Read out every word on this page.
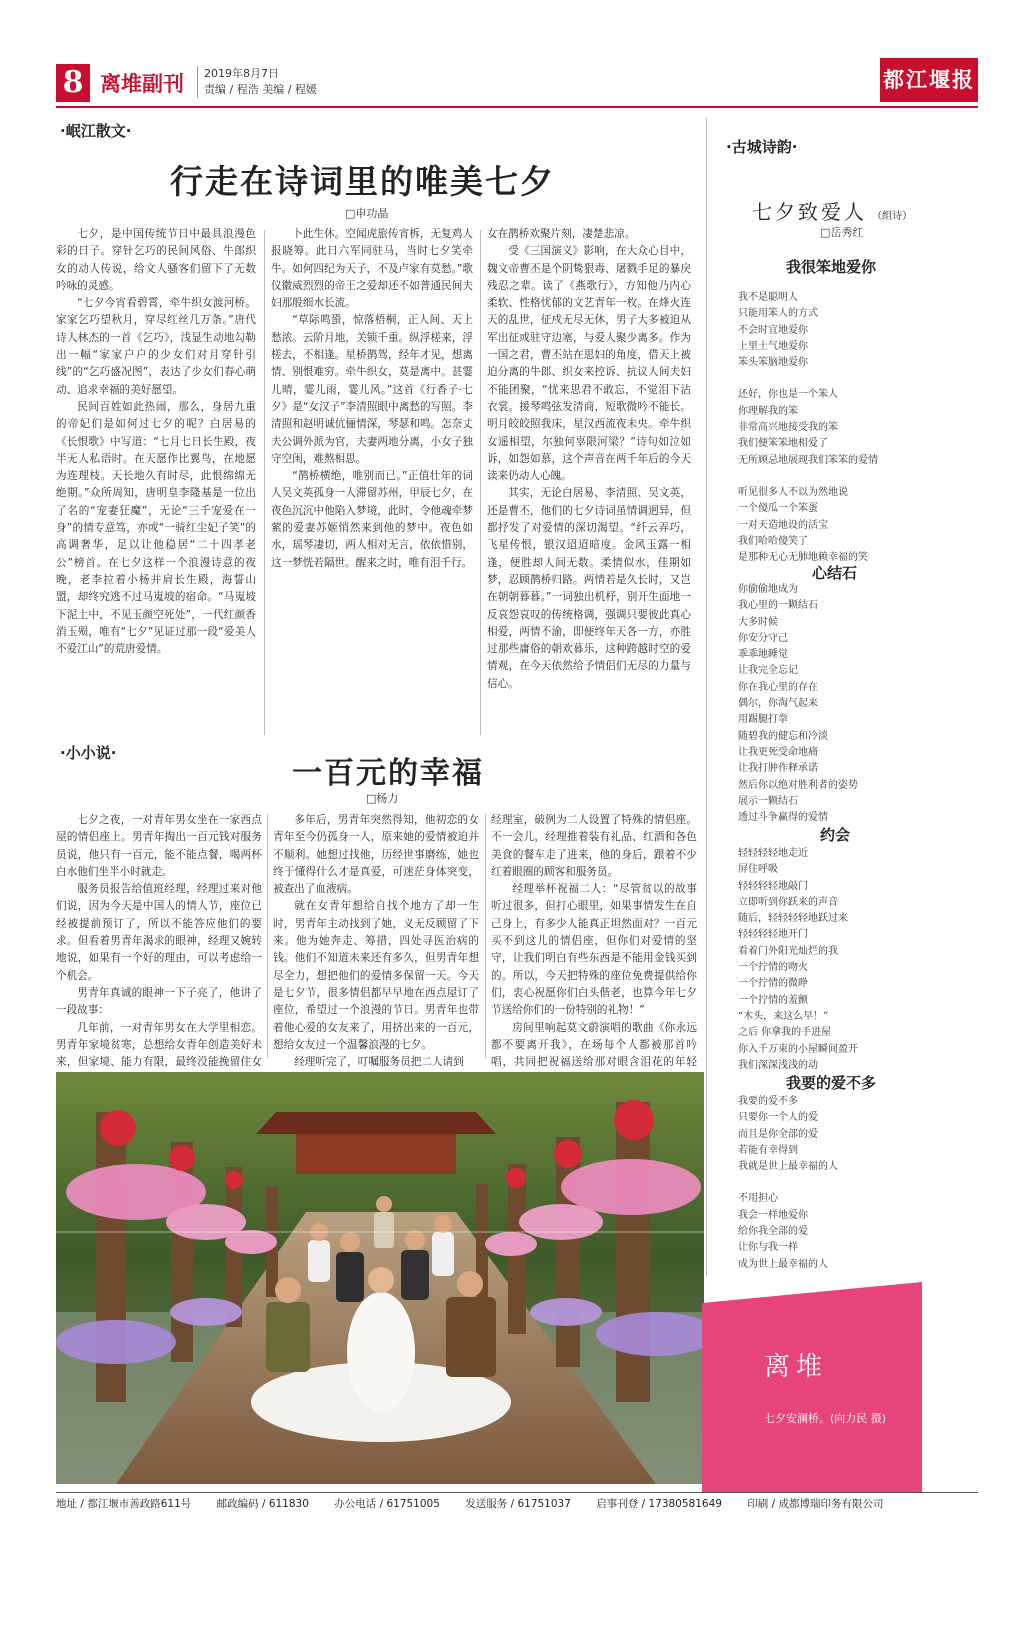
8 离堆副刊 2019年8月7日
责编 / 程浩 美编 / 程媛	都江堰报
·岷江散文·
行走在诗词里的唯美七夕
□申功晶

七夕，是中国传统节日中最具浪漫色彩的日子。穿针乞巧的民间风俗、牛郎织女的动人传说，给文人骚客们留下了无数吟咏的灵感。

“七夕今宵看碧霄，牵牛织女渡河桥。家家乞巧望秋月，穿尽红丝几万条。”唐代诗人林杰的一首《乞巧》，浅显生动地勾勒出一幅“家家户户的少女们对月穿针引线”的“乞巧盛况图”，表达了少女们春心萌动、追求幸福的美好愿望。

民间百姓如此热闹，那么，身居九重的帝妃们是如何过七夕的呢？白居易的《长恨歌》中写道：“七月七日长生殿，夜半无人私语时。在天愿作比翼鸟，在地愿为连理枝。天长地久有时尽，此恨绵绵无绝期。”众所周知，唐明皇李隆基是一位出了名的“宠妻狂魔”，无论“三千宠爱在一身”的情专意笃，亦或“一骑红尘妃子笑”的高调奢华，足以让他稳居“二十四孝老公”榜首。在七夕这样一个浪漫诗意的夜晚，老李拉着小杨并肩长生殿，海誓山盟，却终究逃不过马嵬坡的宿命。“马嵬坡下泥土中，不见玉颜空死处”，一代红颜香消玉殒，唯有“七夕”见证过那一段“爱美人不爱江山”的荒唐爱情。

卜此生休。空闻虎旅传宵柝，无复鸡人报晓筹。此日六军同驻马，当时七夕笑牵牛。如何四纪为天子，不及卢家有莫愁。”歌仪徽威烈烈的帝王之爱却还不如普通民间夫妇那般细水长流。

“草际鸣蛩，惊落梧桐，正人间、天上愁浓。云阶月地，关锁千重。纵浮槎来，浮槎去，不相逢。星桥鹊驾，经年才见，想离情、别恨难穷。牵牛织女，莫是离中。甚霎儿晴，霎儿雨，霎儿风。”这首《行香子·七夕》是“女汉子”李清照眼中离愁的写照。李清照和赵明诚伉俪情深，琴瑟和鸣。怎奈丈夫公调外派为官，夫妻两地分离，小女子独守空闺，难熬相思。

“鹊桥横绝，唯别而已。”正值壮年的词人吴文英孤身一人滞留苏州，甲辰七夕，在夜色沉沉中他陷入梦境，此时，令他魂牵梦萦的爱妻苏姬悄然来到他的梦中。夜色如水，瑶琴凄切，两人相对无言，依依惜别，这一梦恍若隔世。醒来之时，唯有泪千行。

女在鹊桥欢聚片刻，凄楚悲凉。

受《三国演义》影响，在大众心目中，魏文帝曹丕是个阴鸷狠毒、屠戮手足的暴戾残忍之辈。读了《燕歌行》，方知他乃内心柔软、性格忧郁的文艺青年一枚。在烽火连天的乱世，征戍无尽无休，男子大多被迫从军出征或驻守边塞，与爱人聚少离多。作为一国之君，曹丕站在思妇的角度，借天上被迫分离的牛郎、织女来控诉、抗议人间夫妇不能团聚，“忧来思君不敢忘，不觉泪下沾衣裳。援琴鸣弦发清商，短歌微吟不能长。明月皎皎照我床，星汉西流夜未央。牵牛织女遥相望，尔独何辜限河梁？”诗句如泣如诉，如怨如慕，这个声音在两千年后的今天读来仍动人心魄。

其实，无论白居易、李清照、吴文英，还是曹丕，他们的七夕诗词虽情调迥异，但都抒发了对爱情的深切渴望。“纤云弄巧，飞星传恨，银汉迢迢暗度。金风玉露一相逢，便胜却人间无数。柔情似水，佳期如梦，忍顾鹊桥归路。两情若是久长时，又岂在朝朝暮暮。”一词独出机杼，别开生面地一反哀怨哀叹的传统格调，强调只要彼此真心相爱，两情不渝，即便终年天各一方，亦胜过那些庸俗的朝欢暮乐，这种跨越时空的爱情观，在今天依然给予情侣们无尽的力量与信心。

·小小说·
一百元的幸福
□杨力

七夕之夜，一对青年男女坐在一家西点屋的情侣座上。男青年掏出一百元钱对服务员说，他只有一百元，能不能点餐，喝两杯白水他们坐半小时就走。

服务员报告给值班经理，经理过来对他们说，因为今天是中国人的情人节，座位已经被提前预订了，所以不能答应他们的要求。但看着男青年渴求的眼神，经理又婉转地说，如果有一个好的理由，可以考虑给一个机会。

男青年真诚的眼神一下子亮了，他讲了一段故事：

几年前，一对青年男女在大学里相恋。男青年家境贫寒，总想给女青年创造美好未来，但家境、能力有限，最终没能挽留住女

多年后，男青年突然得知，他初恋的女青年至今仍孤身一人，原来她的爱情被迫并不顺利。她想过找他，历经世事磨练，她也终于懂得什么才是真爱，可迷茫身体突变，被查出了血液病。

就在女青年想给自找个地方了却一生时，男青年主动找到了她，义无反顾留了下来。他为她奔走、筹措，四处寻医治病的钱。他们不知道未来还有多久，但男青年想尽全力，想把他们的爱情多保留一天。今天是七夕节，很多情侣都早早地在西点屋订了座位，希望过一个浪漫的节日。男青年也带着他心爱的女友来了，用挤出来的一百元，想给女友过一个温馨浪漫的七夕。

经理听完了，叮嘱服务员把二人请到

经理室，破例为二人设置了特殊的情侣座。不一会儿，经理推着装有礼品、红酒和各色美食的餐车走了进来，他的身后，跟着不少红着眼圈的顾客和服务员。

经理举杯祝福二人：“尽管贫以的故事听过很多，但打心眼里，如果事情发生在自己身上，有多少人能真正坦然面对？一百元买不到这儿的情侣座，但你们对爱情的坚守，让我们明白有些东西是不能用金钱买到的。所以，今天把特殊的座位免费提供给你们，衷心祝愿你们白头偕老，也算今年七夕节送给你们的一份特别的礼物！”

房间里响起莫文蔚演唱的歌曲《你永远都不要离开我》，在场每个人都被那首吟唱，共同把祝福送给那对眼含泪花的年轻

·古城诗韵·
七夕致爱人 （组诗）
□岳秀红
我很笨地爱你
我不是聪明人
只能用笨人的方式
不会时宜地爱你
上里土气地爱你
笨头笨脑地爱你
还好，你也是一个笨人
你理解我的笨
非常高兴地接受我的笨
我们便笨笨地相爱了
无所顾忌地展现我们笨笨的爱情
听见很多人不以为然地说
一个傻瓜一个笨蛋
一对天造地设的活宝
我们哈哈傻笑了
是那种无心无肺地赖幸福的笑
心结石
你偷偷地成为
我心里的一颗结石
大多时候
你安分守己
乖乖地睡觉
让我完全忘记
你在我心里的存在
偶尔，你淘气起来
用踢腿打拳
随碧我的健忘和冷淡
让我更死受命地痛
让我打肿作释承诺
然后你以绝对胜利者的姿势
展示一颗结石
透过斗争赢得的爱情
约会
轻轻轻轻地走近
屏住呼吸
轻轻轻轻地敲门
立即听到你跃来的声音
随后，轻轻轻轻地跃过来
轻轻轻轻地开门
看着门外阳光灿烂的我
一个拧情的吻火
一个拧情的微睁
一个拧情的羞颤
“木头，来这么早！”
之后 你拿我的手进屋
你入千万束的小屋瞬间盈开
我们深深浅浅的动
我要的爱不多
我要的爱不多
只要你一个人的爱
而且是你全部的爱
若能有幸得到
我就是世上最幸福的人
不用担心
我会一样地爱你
给你我全部的爱
让你与我一样
成为世上最幸福的人
离堆
七夕安澜桥。(向力民 摄)
地址 / 都江堰市善政路611号 邮政编码 / 611830 办公电话 / 61751005 发送服务 / 61751037 启事刊登 / 17380581649 印刷 / 成都博瑞印务有限公司
